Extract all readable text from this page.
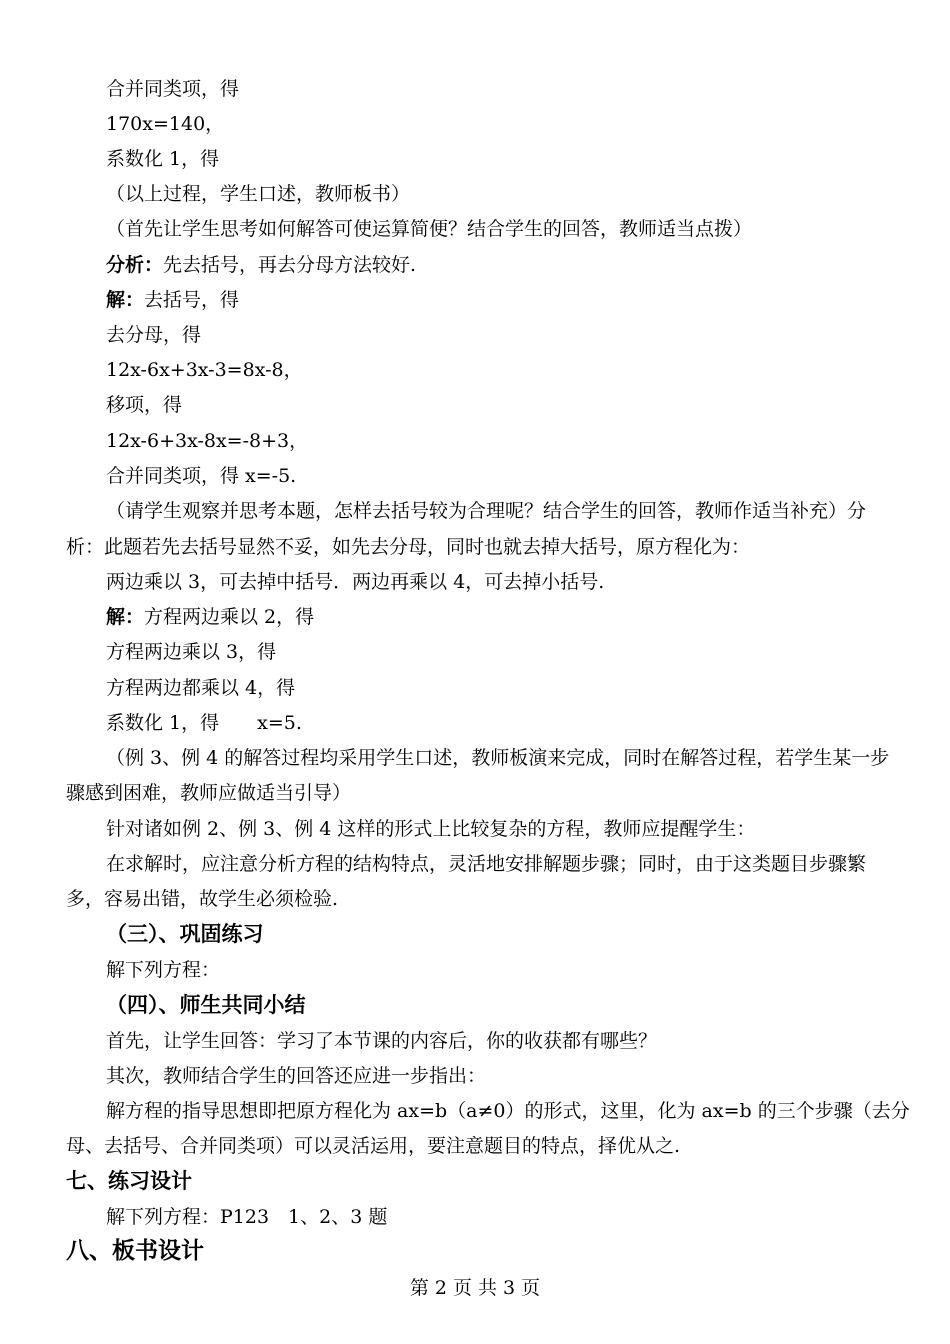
合并同类项，得
170x=140，
系数化 1，得
（以上过程，学生口述，教师板书）
（首先让学生思考如何解答可使运算简便？结合学生的回答，教师适当点拨）
分析：先去括号，再去分母方法较好.
解：去括号，得
去分母，得
12x-6x+3x-3=8x-8，
移项，得
12x-6+3x-8x=-8+3，
合并同类项，得 x=-5.
（请学生观察并思考本题，怎样去括号较为合理呢？结合学生的回答，教师作适当补充）分
析：此题若先去括号显然不妥，如先去分母，同时也就去掉大括号，原方程化为：
两边乘以 3，可去掉中括号．两边再乘以 4，可去掉小括号.
解：方程两边乘以 2，得
方程两边乘以 3，得
方程两边都乘以 4，得
系数化 1，得　　x=5.
（例 3、例 4 的解答过程均采用学生口述，教师板演来完成，同时在解答过程，若学生某一步
骤感到困难，教师应做适当引导）
针对诸如例 2、例 3、例 4 这样的形式上比较复杂的方程，教师应提醒学生：
在求解时，应注意分析方程的结构特点，灵活地安排解题步骤；同时，由于这类题目步骤繁
多，容易出错，故学生必须检验.
（三）、巩固练习
解下列方程：
（四）、师生共同小结
首先，让学生回答：学习了本节课的内容后，你的收获都有哪些？
其次，教师结合学生的回答还应进一步指出：
解方程的指导思想即把原方程化为 ax=b（a≠0）的形式，这里，化为 ax=b 的三个步骤（去分
母、去括号、合并同类项）可以灵活运用，要注意题目的特点，择优从之.
七、练习设计
解下列方程：P123　1、2、3 题
八、板书设计
第 2 页 共 3 页
